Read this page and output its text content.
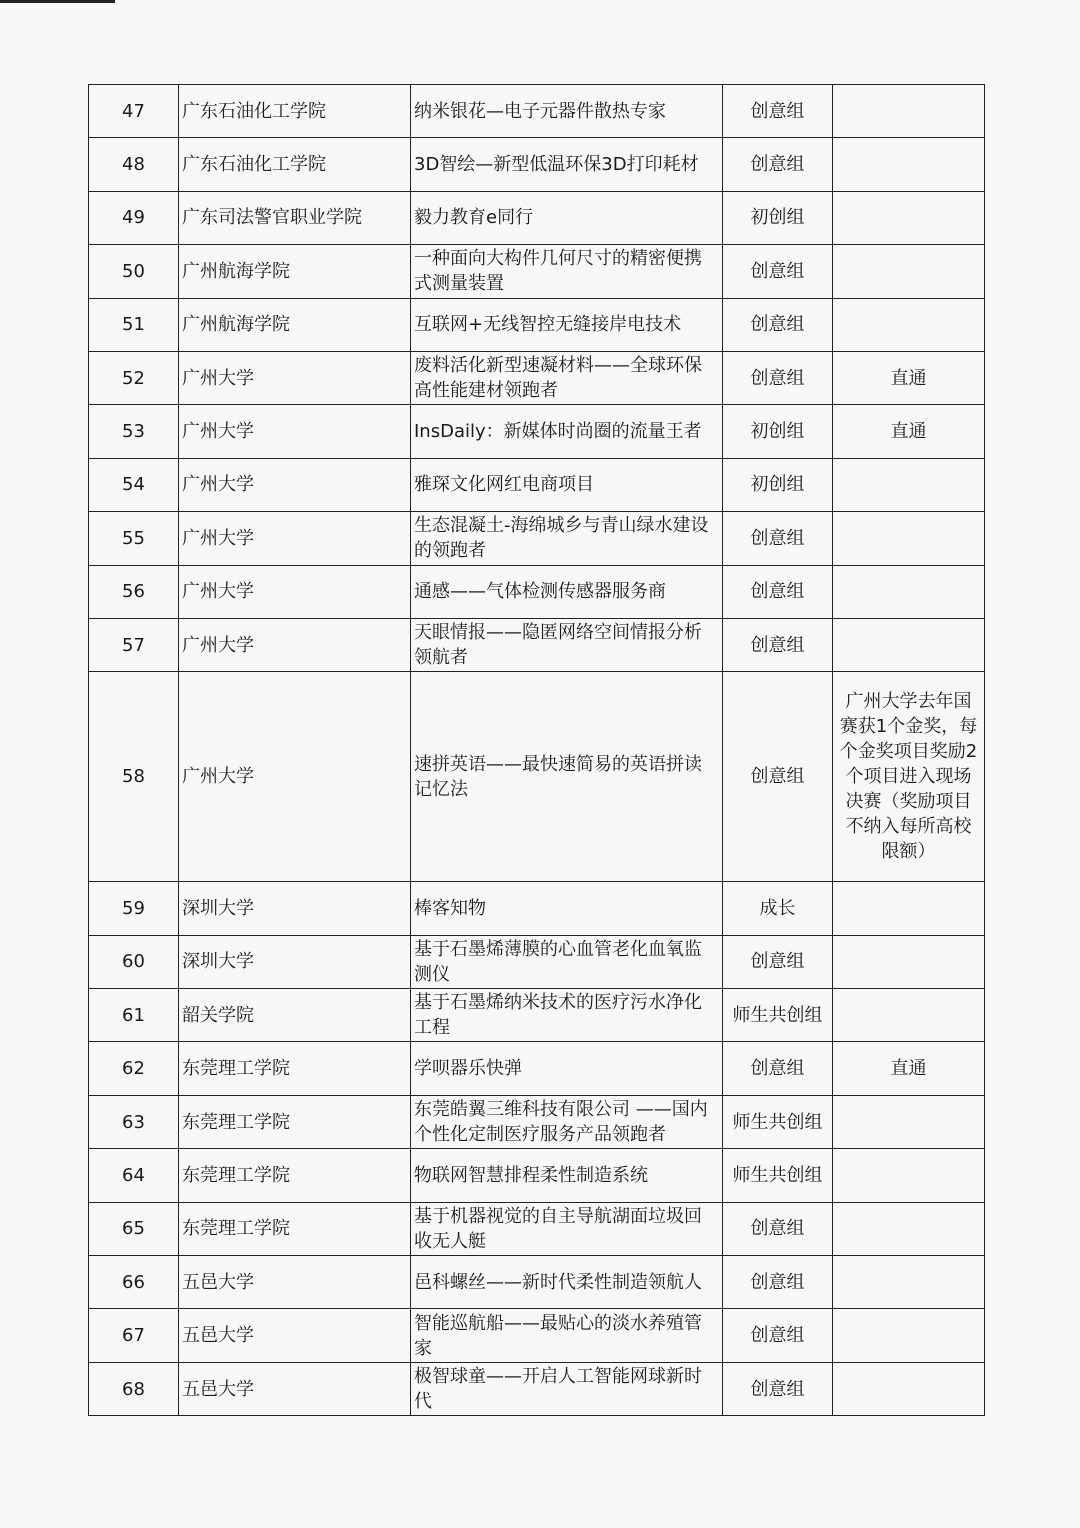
47	广东石油化工学院	纳米银花—电子元器件散热专家	创意组	
48	广东石油化工学院	3D智绘—新型低温环保3D打印耗材	创意组	
49	广东司法警官职业学院	毅力教育e同行	初创组	
50	广州航海学院	一种面向大构件几何尺寸的精密便携式测量装置	创意组	
51	广州航海学院	互联网+无线智控无缝接岸电技术	创意组	
52	广州大学	废料活化新型速凝材料——全球环保高性能建材领跑者	创意组	直通
53	广州大学	InsDaily：新媒体时尚圈的流量王者	初创组	直通
54	广州大学	雅琛文化网红电商项目	初创组	
55	广州大学	生态混凝土-海绵城乡与青山绿水建设的领跑者	创意组	
56	广州大学	通感——气体检测传感器服务商	创意组	
57	广州大学	天眼情报——隐匿网络空间情报分析领航者	创意组	
58	广州大学	速拼英语——最快速简易的英语拼读记忆法	创意组	广州大学去年国赛获1个金奖，每个金奖项目奖励2个项目进入现场决赛（奖励项目不纳入每所高校限额）
59	深圳大学	棒客知物	成长	
60	深圳大学	基于石墨烯薄膜的心血管老化血氧监测仪	创意组	
61	韶关学院	基于石墨烯纳米技术的医疗污水净化工程	师生共创组	
62	东莞理工学院	学呗器乐快弹	创意组	直通
63	东莞理工学院	东莞皓翼三维科技有限公司 ——国内个性化定制医疗服务产品领跑者	师生共创组	
64	东莞理工学院	物联网智慧排程柔性制造系统	师生共创组	
65	东莞理工学院	基于机器视觉的自主导航湖面垃圾回收无人艇	创意组	
66	五邑大学	邑科螺丝——新时代柔性制造领航人	创意组	
67	五邑大学	智能巡航船——最贴心的淡水养殖管家	创意组	
68	五邑大学	极智球童——开启人工智能网球新时代	创意组	
